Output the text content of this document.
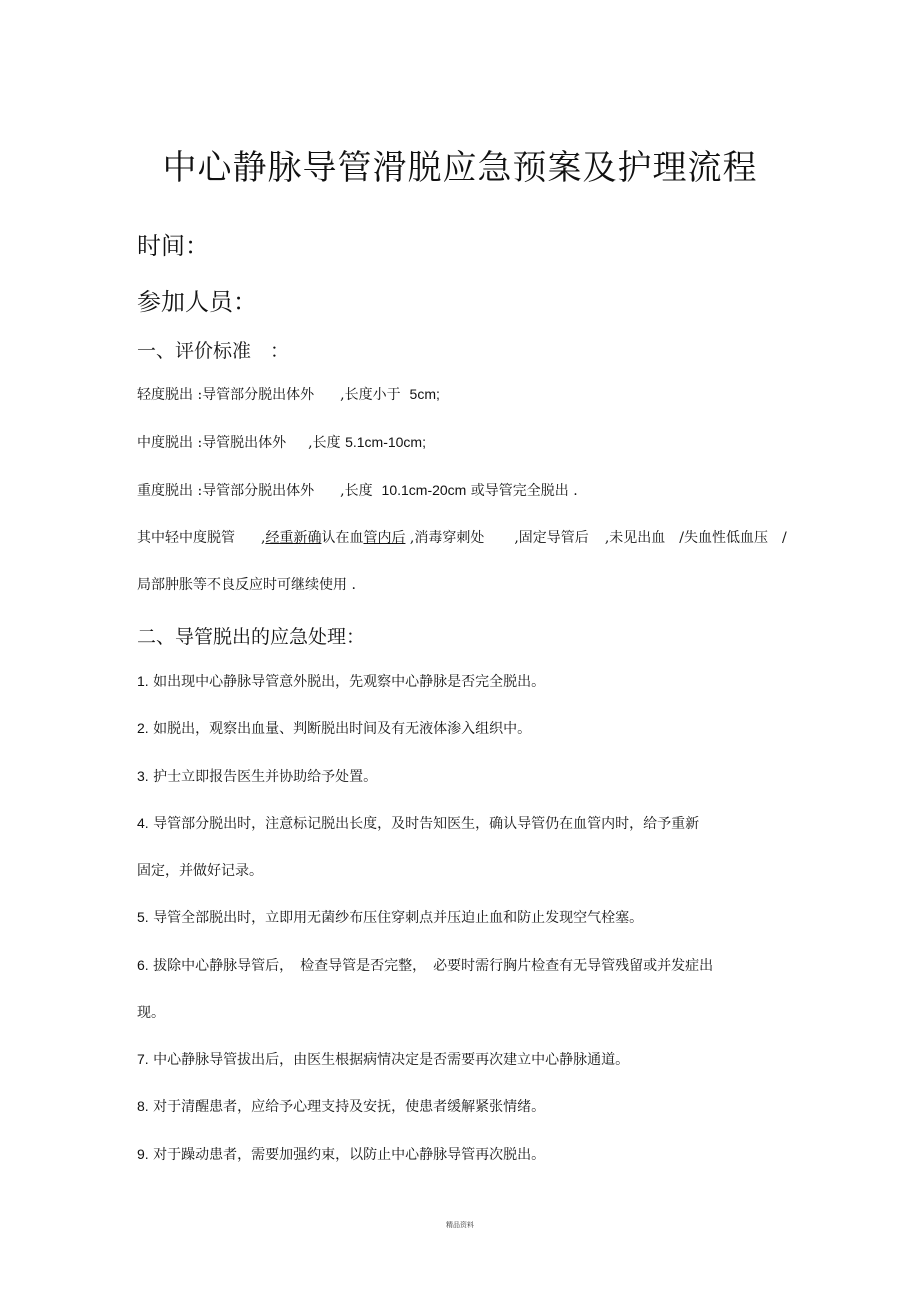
中心静脉导管滑脱应急预案及护理流程
时间：
参加人员：
一、评价标准　：
轻度脱出 :导管部分脱出体外 ,长度小于 5cm;
中度脱出 :导管脱出体外 ,长度 5.1cm-10cm;
重度脱出 :导管部分脱出体外 ,长度 10.1cm-20cm 或导管完全脱出 .
其中轻中度脱管 ,经重新确认在血管内后 ,消毒穿刺处 ,固定导管后 ,未见出血 /失血性低血压 /
局部肿胀等不良反应时可继续使用 .
二、导管脱出的应急处理：
1. 如出现中心静脉导管意外脱出，先观察中心静脉是否完全脱出。
2. 如脱出，观察出血量、判断脱出时间及有无液体渗入组织中。
3. 护士立即报告医生并协助给予处置。
4. 导管部分脱出时，注意标记脱出长度，及时告知医生，确认导管仍在血管内时，给予重新
固定，并做好记录。
5. 导管全部脱出时，立即用无菌纱布压住穿刺点并压迫止血和防止发现空气栓塞。
6. 拔除中心静脉导管后，　检查导管是否完整，　必要时需行胸片检查有无导管残留或并发症出
现。
7. 中心静脉导管拔出后，由医生根据病情决定是否需要再次建立中心静脉通道。
8. 对于清醒患者，应给予心理支持及安抚，使患者缓解紧张情绪。
9. 对于躁动患者，需要加强约束，以防止中心静脉导管再次脱出。
精品资料
